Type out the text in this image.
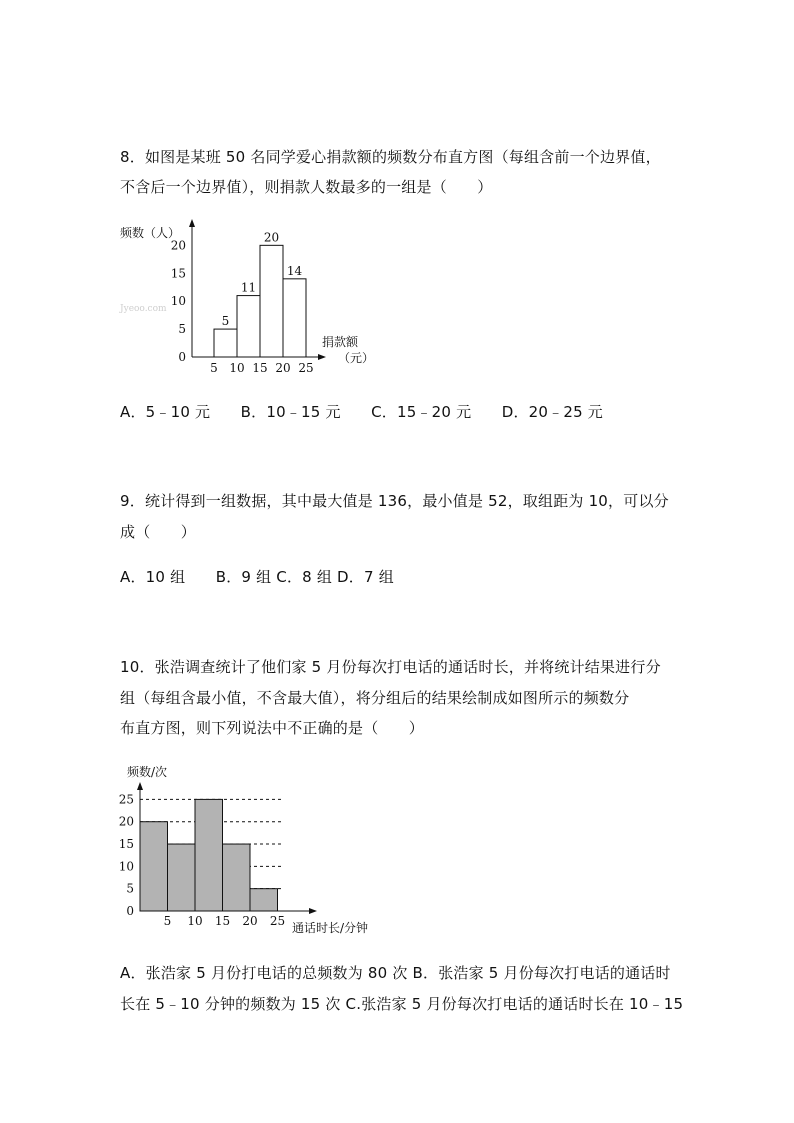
8．如图是某班 50 名同学爱心捐款额的频数分布直方图（每组含前一个边界值，
不含后一个边界值），则捐款人数最多的一组是（　　）
频数（人）
Jyeoo.com
捐款额
（元）
0
5
10
15
20
5 10 15 20 25
5
11
20
14
A．5﹣10 元　　B．10﹣15 元　　C．15﹣20 元　　D．20﹣25 元
9．统计得到一组数据，其中最大值是 136，最小值是 52，取组距为 10，可以分
成（　　）
A．10 组　　B．9 组 C．8 组 D．7 组
10．张浩调查统计了他们家 5 月份每次打电话的通话时长，并将统计结果进行分
组（每组含最小值，不含最大值），将分组后的结果绘制成如图所示的频数分
布直方图，则下列说法中不正确的是（　　）
频数/次
通话时长/分钟
0
5
10
15
20
25
5 10 15 20 25
A．张浩家 5 月份打电话的总频数为 80 次 B．张浩家 5 月份每次打电话的通话时
长在 5﹣10 分钟的频数为 15 次 C.张浩家 5 月份每次打电话的通话时长在 10﹣15
